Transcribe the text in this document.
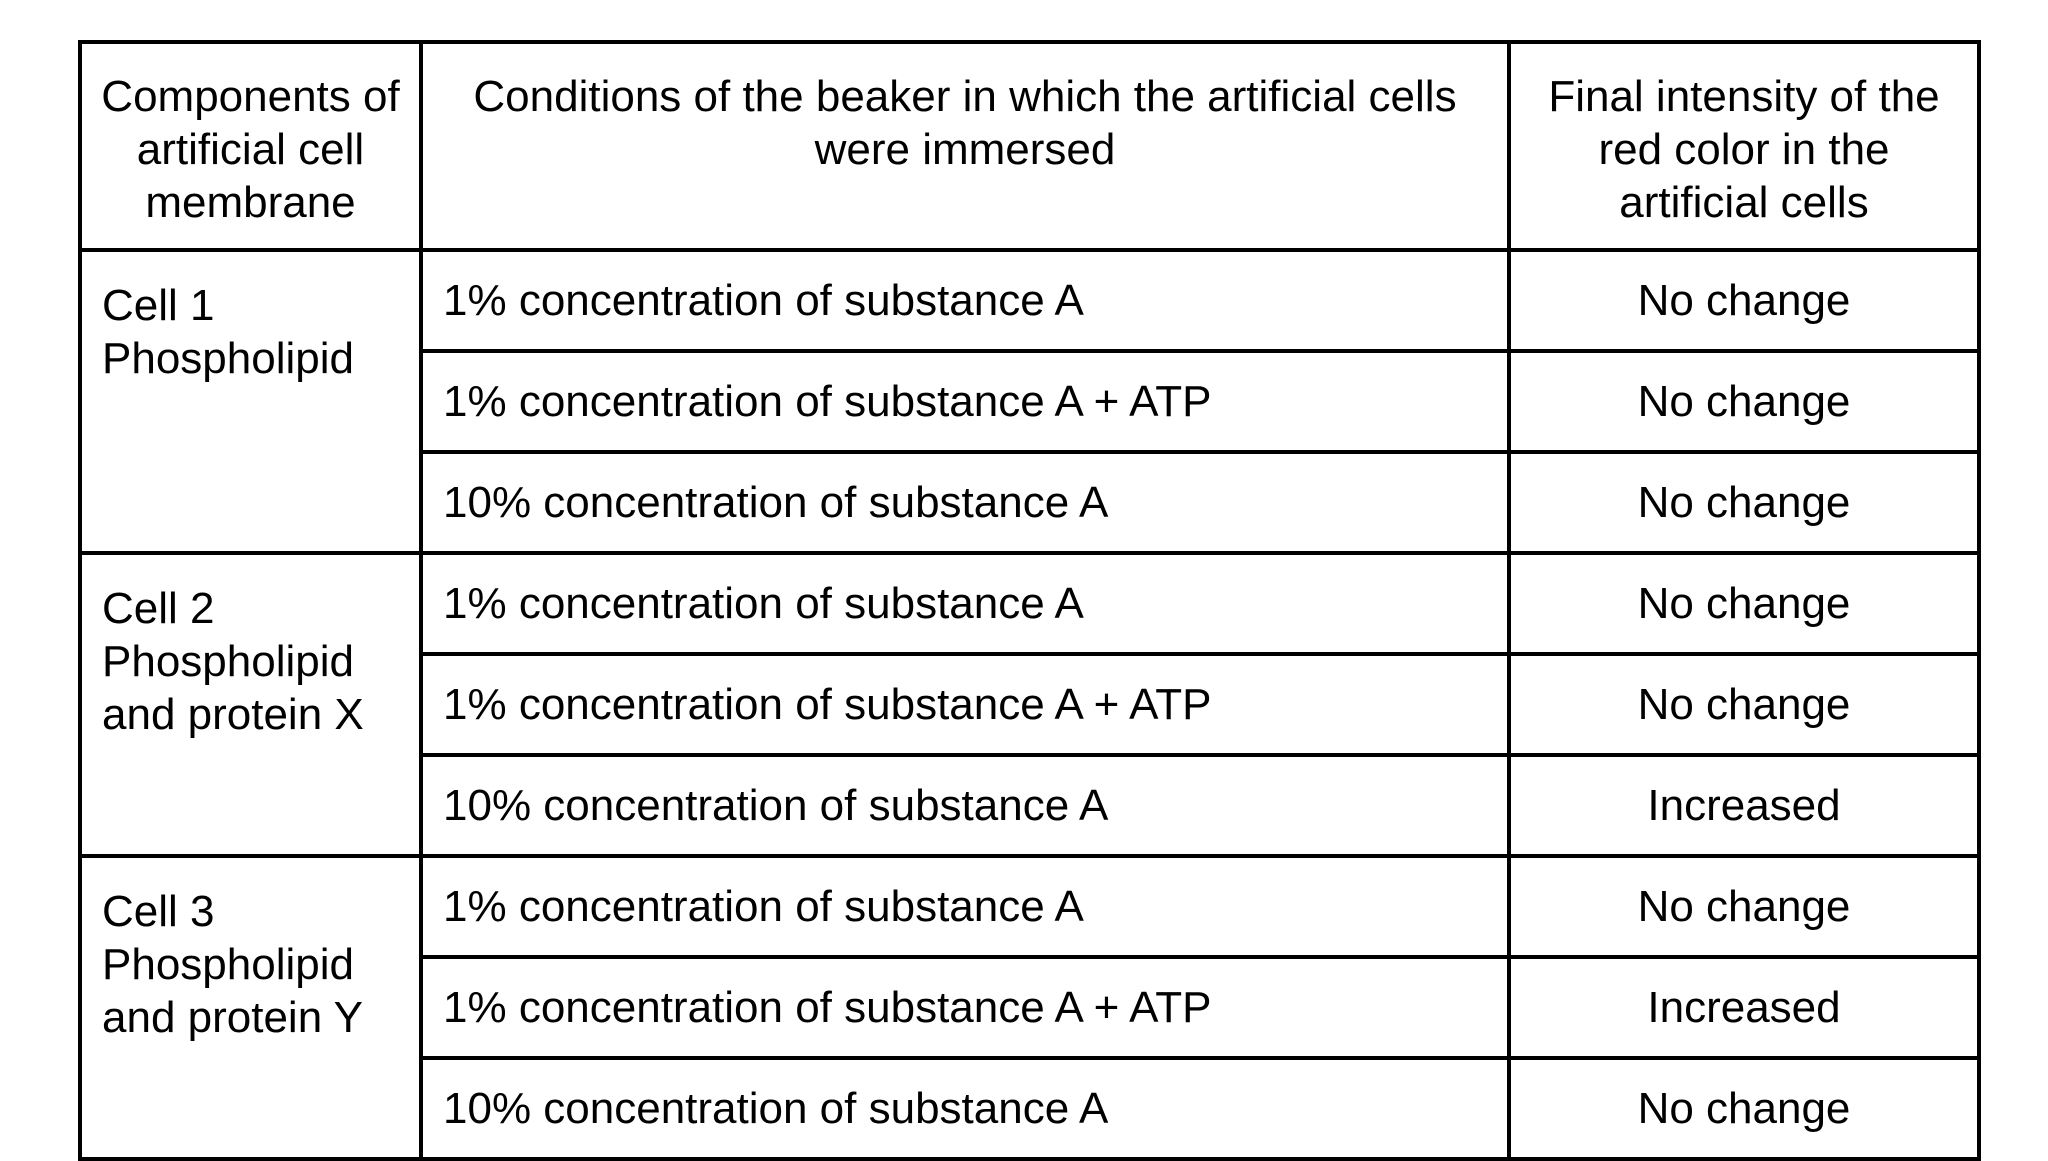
Components of artificial cell membrane	Conditions of the beaker in which the artificial cells were immersed	Final intensity of the red color in the artificial cells

Cell 1
Phospholipid	1% concentration of substance A	No change
	1% concentration of substance A + ATP	No change
	10% concentration of substance A	No change

Cell 2
Phospholipid and protein X	1% concentration of substance A	No change
	1% concentration of substance A + ATP	No change
	10% concentration of substance A	Increased

Cell 3
Phospholipid and protein Y	1% concentration of substance A	No change
	1% concentration of substance A + ATP	Increased
	10% concentration of substance A	No change
